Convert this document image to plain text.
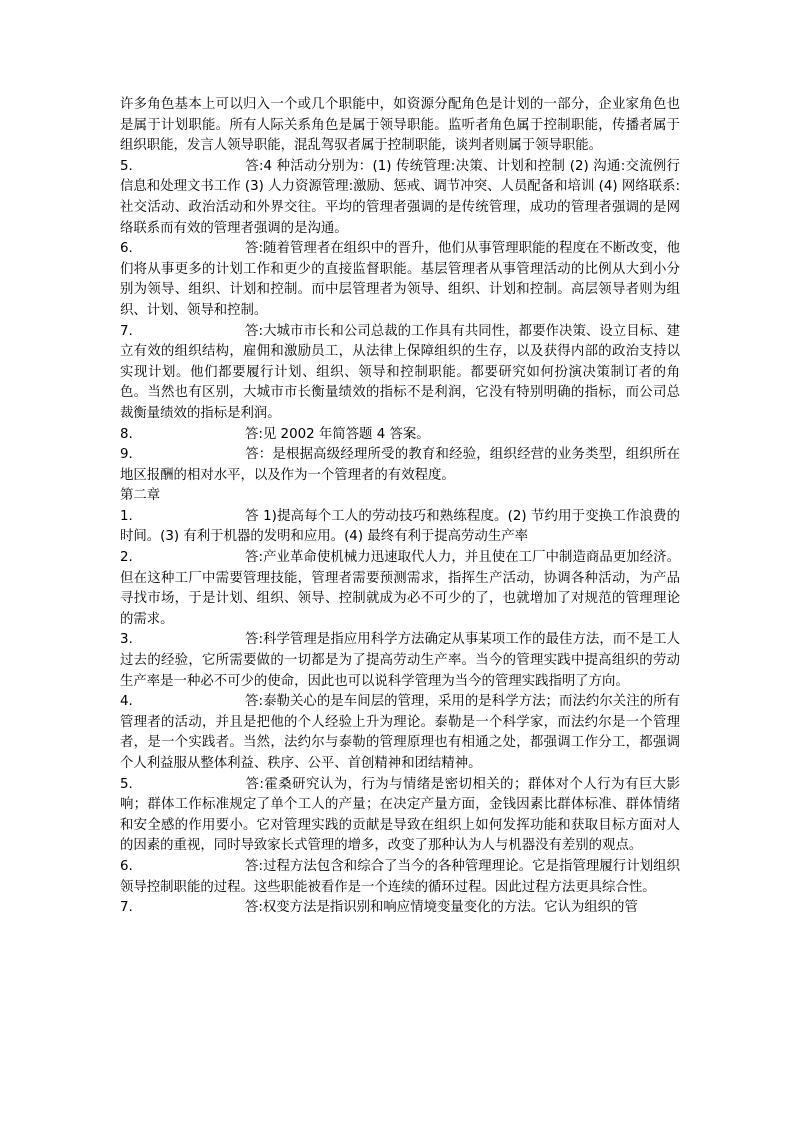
许多角色基本上可以归入一个或几个职能中，如资源分配角色是计划的一部分，企业家角色也是属于计划职能。所有人际关系角色是属于领导职能。监听者角色属于控制职能，传播者属于组织职能，发言人领导职能，混乱驾驭者属于控制职能，谈判者则属于领导职能。

5.	答:4 种活动分别为：(1) 传统管理:决策、计划和控制 (2) 沟通:交流例行信息和处理文书工作 (3) 人力资源管理:激励、惩戒、调节冲突、人员配备和培训 (4) 网络联系:社交活动、政治活动和外界交往。平均的管理者强调的是传统管理，成功的管理者强调的是网络联系而有效的管理者强调的是沟通。

6.	答:随着管理者在组织中的晋升，他们从事管理职能的程度在不断改变，他们将从事更多的计划工作和更少的直接监督职能。基层管理者从事管理活动的比例从大到小分别为领导、组织、计划和控制。而中层管理者为领导、组织、计划和控制。高层领导者则为组织、计划、领导和控制。

7.	答:大城市市长和公司总裁的工作具有共同性，都要作决策、设立目标、建立有效的组织结构，雇佣和激励员工，从法律上保障组织的生存，以及获得内部的政治支持以实现计划。他们都要履行计划、组织、领导和控制职能。都要研究如何扮演决策制订者的角色。当然也有区别，大城市市长衡量绩效的指标不是利润，它没有特别明确的指标，而公司总裁衡量绩效的指标是利润。

8.	答:见 2002 年简答题 4 答案。

9.	答：是根据高级经理所受的教育和经验，组织经营的业务类型，组织所在地区报酬的相对水平，以及作为一个管理者的有效程度。

第二章

1.	答 1)提高每个工人的劳动技巧和熟练程度。(2) 节约用于变换工作浪费的时间。(3) 有利于机器的发明和应用。(4) 最终有利于提高劳动生产率

2.	答:产业革命使机械力迅速取代人力，并且使在工厂中制造商品更加经济。但在这种工厂中需要管理技能，管理者需要预测需求，指挥生产活动，协调各种活动，为产品寻找市场，于是计划、组织、领导、控制就成为必不可少的了，也就增加了对规范的管理理论的需求。

3.	答:科学管理是指应用科学方法确定从事某项工作的最佳方法，而不是工人过去的经验，它所需要做的一切都是为了提高劳动生产率。当今的管理实践中提高组织的劳动生产率是一种必不可少的使命，因此也可以说科学管理为当今的管理实践指明了方向。

4.	答:泰勒关心的是车间层的管理，采用的是科学方法；而法约尔关注的所有管理者的活动，并且是把他的个人经验上升为理论。泰勒是一个科学家，而法约尔是一个管理者，是一个实践者。当然，法约尔与泰勒的管理原理也有相通之处，都强调工作分工，都强调个人利益服从整体利益、秩序、公平、首创精神和团结精神。

5.	答:霍桑研究认为，行为与情绪是密切相关的；群体对个人行为有巨大影响；群体工作标准规定了单个工人的产量；在决定产量方面，金钱因素比群体标准、群体情绪和安全感的作用要小。它对管理实践的贡献是导致在组织上如何发挥功能和获取目标方面对人的因素的重视，同时导致家长式管理的增多，改变了那种认为人与机器没有差别的观点。

6.	答:过程方法包含和综合了当今的各种管理理论。它是指管理履行计划组织领导控制职能的过程。这些职能被看作是一个连续的循环过程。因此过程方法更具综合性。

7.	答:权变方法是指识别和响应情境变量变化的方法。它认为组织的管
